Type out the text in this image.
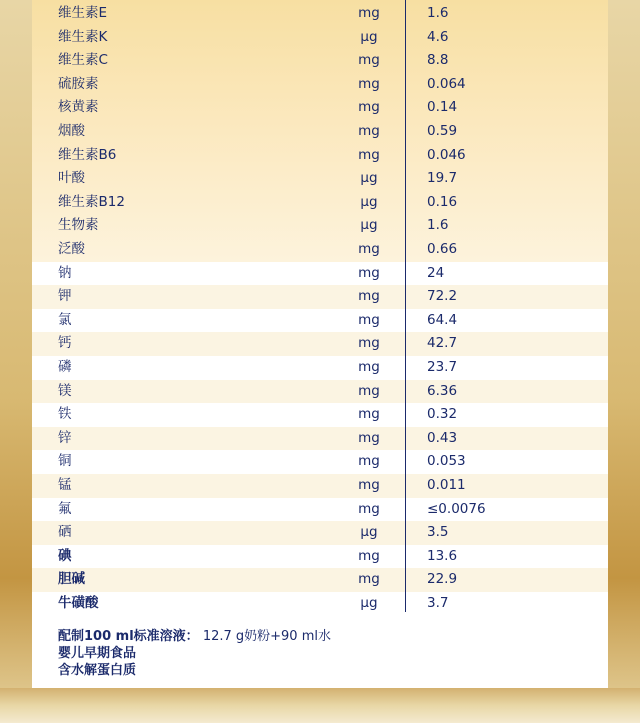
维生素E	mg	1.6
维生素K	µg	4.6
维生素C	mg	8.8
硫胺素	mg	0.064
核黄素	mg	0.14
烟酸	mg	0.59
维生素B6	mg	0.046
叶酸	µg	19.7
维生素B12	µg	0.16
生物素	µg	1.6
泛酸	mg	0.66
钠	mg	24
钾	mg	72.2
氯	mg	64.4
钙	mg	42.7
磷	mg	23.7
镁	mg	6.36
铁	mg	0.32
锌	mg	0.43
铜	mg	0.053
锰	mg	0.011
氟	mg	≤0.0076
硒	µg	3.5
碘	mg	13.6
胆碱	mg	22.9
牛磺酸	µg	3.7
配制100 ml标准溶液： 12.7 g奶粉+90 ml水
婴儿早期食品
含水解蛋白质
